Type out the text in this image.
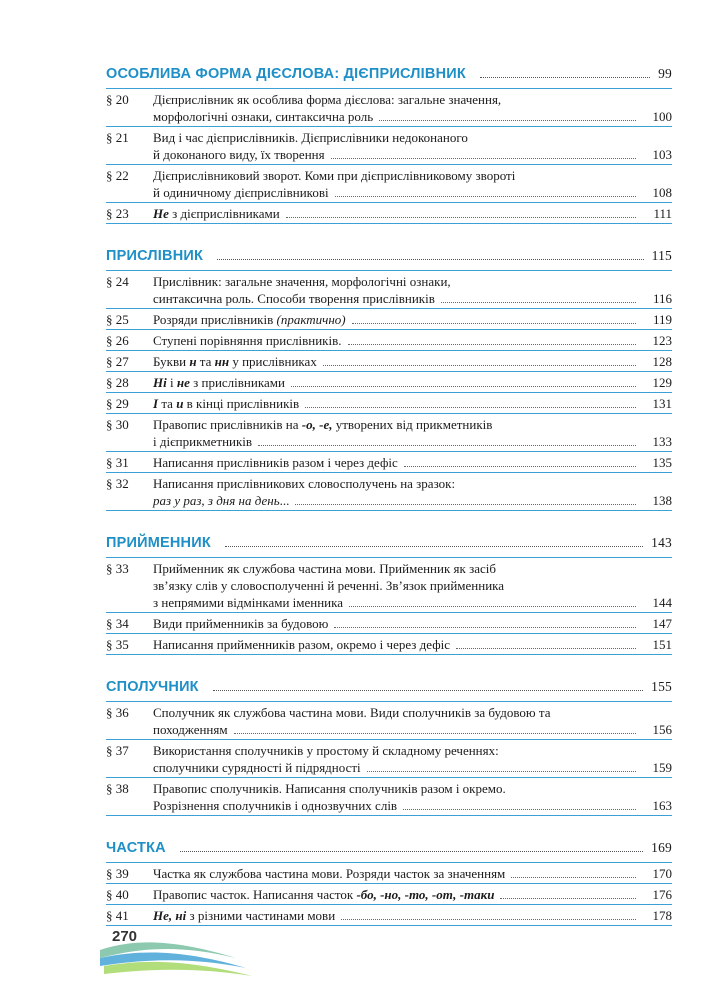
ОСОБЛИВА ФОРМА ДІЄСЛОВА: ДІЄПРИСЛІВНИК	99
§ 20	Дієприслівник як особлива форма дієслова: загальне значення,
морфологічні ознаки, синтаксична роль	100
§ 21	Вид і час дієприслівників. Дієприслівники недоконаного
й доконаного виду, їх творення	103
§ 22	Дієприслівниковий зворот. Коми при дієприслівниковому звороті
й одиничному дієприслівникові	108
§ 23	Не з дієприслівниками	111
ПРИСЛІВНИК	115
§ 24	Прислівник: загальне значення, морфологічні ознаки,
синтаксична роль. Способи творення прислівників	116
§ 25	Розряди прислівників (практично)	119
§ 26	Ступені порівняння прислівників.	123
§ 27	Букви н та нн у прислівниках	128
§ 28	Ні і не з прислівниками	129
§ 29	І та и в кінці прислівників	131
§ 30	Правопис прислівників на -о, -е, утворених від прикметників
і дієприкметників	133
§ 31	Написання прислівників разом і через дефіс	135
§ 32	Написання прислівникових словосполучень на зразок:
раз у раз, з дня на день...	138
ПРИЙМЕННИК	143
§ 33	Прийменник як службова частина мови. Прийменник як засіб
зв’язку слів у словосполученні й реченні. Зв’язок прийменника
з непрямими відмінками іменника	144
§ 34	Види прийменників за будовою	147
§ 35	Написання прийменників разом, окремо і через дефіс	151
СПОЛУЧНИК	155
§ 36	Сполучник як службова частина мови. Види сполучників за будовою та
походженням	156
§ 37	Використання сполучників у простому й складному реченнях:
сполучники сурядності й підрядності	159
§ 38	Правопис сполучників. Написання сполучників разом і окремо.
Розрізнення сполучників і однозвучних слів	163
ЧАСТКА	169
§ 39	Частка як службова частина мови. Розряди часток за значенням	170
§ 40	Правопис часток. Написання часток -бо, -но, -то, -от, -таки	176
§ 41	Не, ні з різними частинами мови	178
270
